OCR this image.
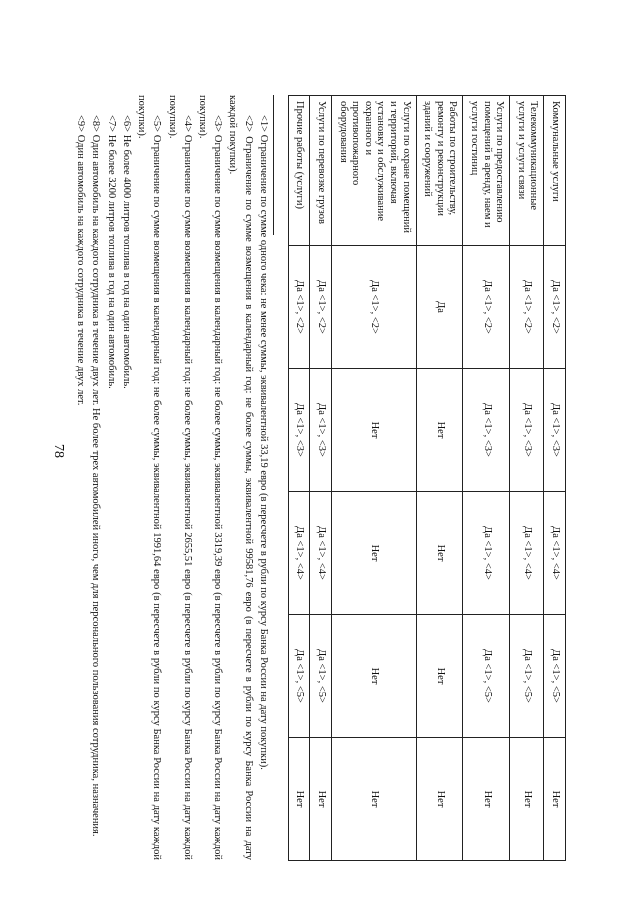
78
Коммунальные услуги	Да <1>, <2>	Да <1>, <3>	Да <1>, <4>	Да <1>, <5>	Нет
Телекоммуникационные услуги и услуги связи	Да <1>, <2>	Да <1>, <3>	Да <1>, <4>	Да <1>, <5>	Нет
Услуги по предоставлению помещений в аренду, наем и услуги гостиниц	Да <1>, <2>	Да <1>, <3>	Да <1>, <4>	Да <1>, <5>	Нет
Работы по строительству, ремонту и реконструкции зданий и сооружений	Да	Нет	Нет	Нет	Нет
Услуги по охране помещений и территорий, включая установку и обслуживание охранного и противопожарного оборудования	Да <1>, <2>	Нет	Нет	Нет	Нет
Услуги по перевозке грузов	Да <1>, <2>	Да <1>, <3>	Да <1>, <4>	Да <1>, <5>	Нет
Прочие работы (услуги)	Да <1>, <2>	Да <1>, <3>	Да <1>, <4>	Да <1>, <5>	Нет

<1> Ограничение по сумме одного чека: не менее суммы, эквивалентной 33,19 евро (в пересчете в рубли по курсу Банка России на дату покупки).

<2> Ограничение по сумме возмещения в календарный год: не более суммы, эквивалентной 99581,76 евро (в пересчете в рубли по курсу Банка России на дату каждой покупки).

<3> Ограничение по сумме возмещения в календарный год: не более суммы, эквивалентной 3319,39 евро (в пересчете в рубли по курсу Банка России на дату каждой покупки).

<4> Ограничение по сумме возмещения в календарный год: не более суммы, эквивалентной 2655,51 евро (в пересчете в рубли по курсу Банка России на дату каждой покупки).

<5> Ограничение по сумме возмещения в календарный год: не более суммы, эквивалентной 1991,64 евро (в пересчете в рубли по курсу Банка России на дату каждой покупки).

<6> Не более 4000 литров топлива в год на один автомобиль.

<7> Не более 3200 литров топлива в год на один автомобиль.

<8> Один автомобиль на каждого сотрудника в течение двух лет. Не более трех автомобилей иного, чем для персонального пользования сотрудника, назначения.

<9> Один автомобиль на каждого сотрудника в течение двух лет.
